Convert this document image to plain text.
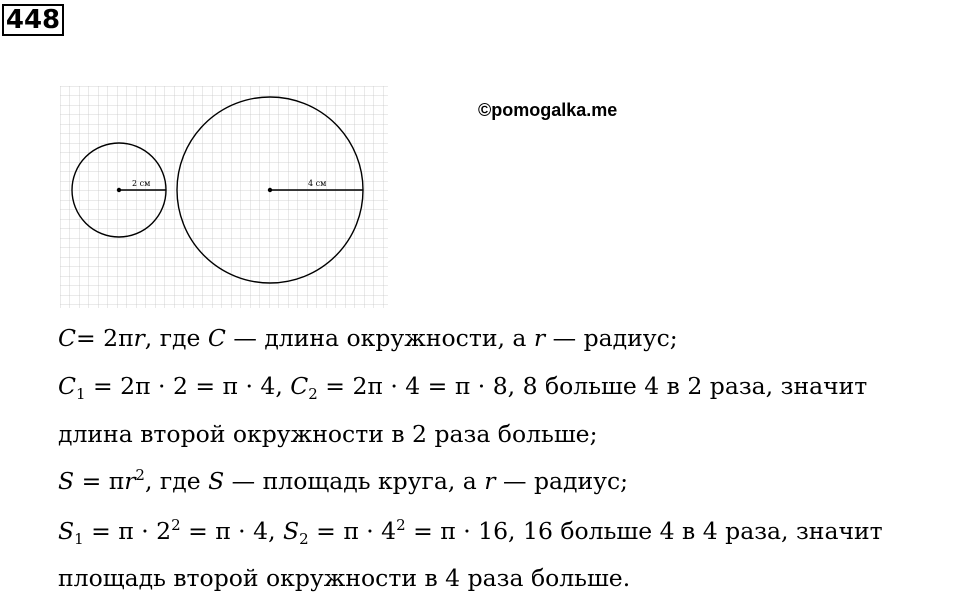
448
2 см	4 см
©pomogalka.me
C= 2πr, где C — длина окружности, а r — радиус;
$C_1 = 2\pi \cdot 2 = \pi \cdot 4$, $C_2 = 2\pi \cdot 4 = \pi \cdot 8$, 8 больше 4 в 2 раза, значит
длина второй окружности в 2 раза больше;
$S = \pi r^2$, где S — площадь круга, а r — радиус;
$S_1 = \pi \cdot 2^2 = \pi \cdot 4$, $S_2 = \pi \cdot 4^2 = \pi \cdot 16$, 16 больше 4 в 4 раза, значит
площадь второй окружности в 4 раза больше.
